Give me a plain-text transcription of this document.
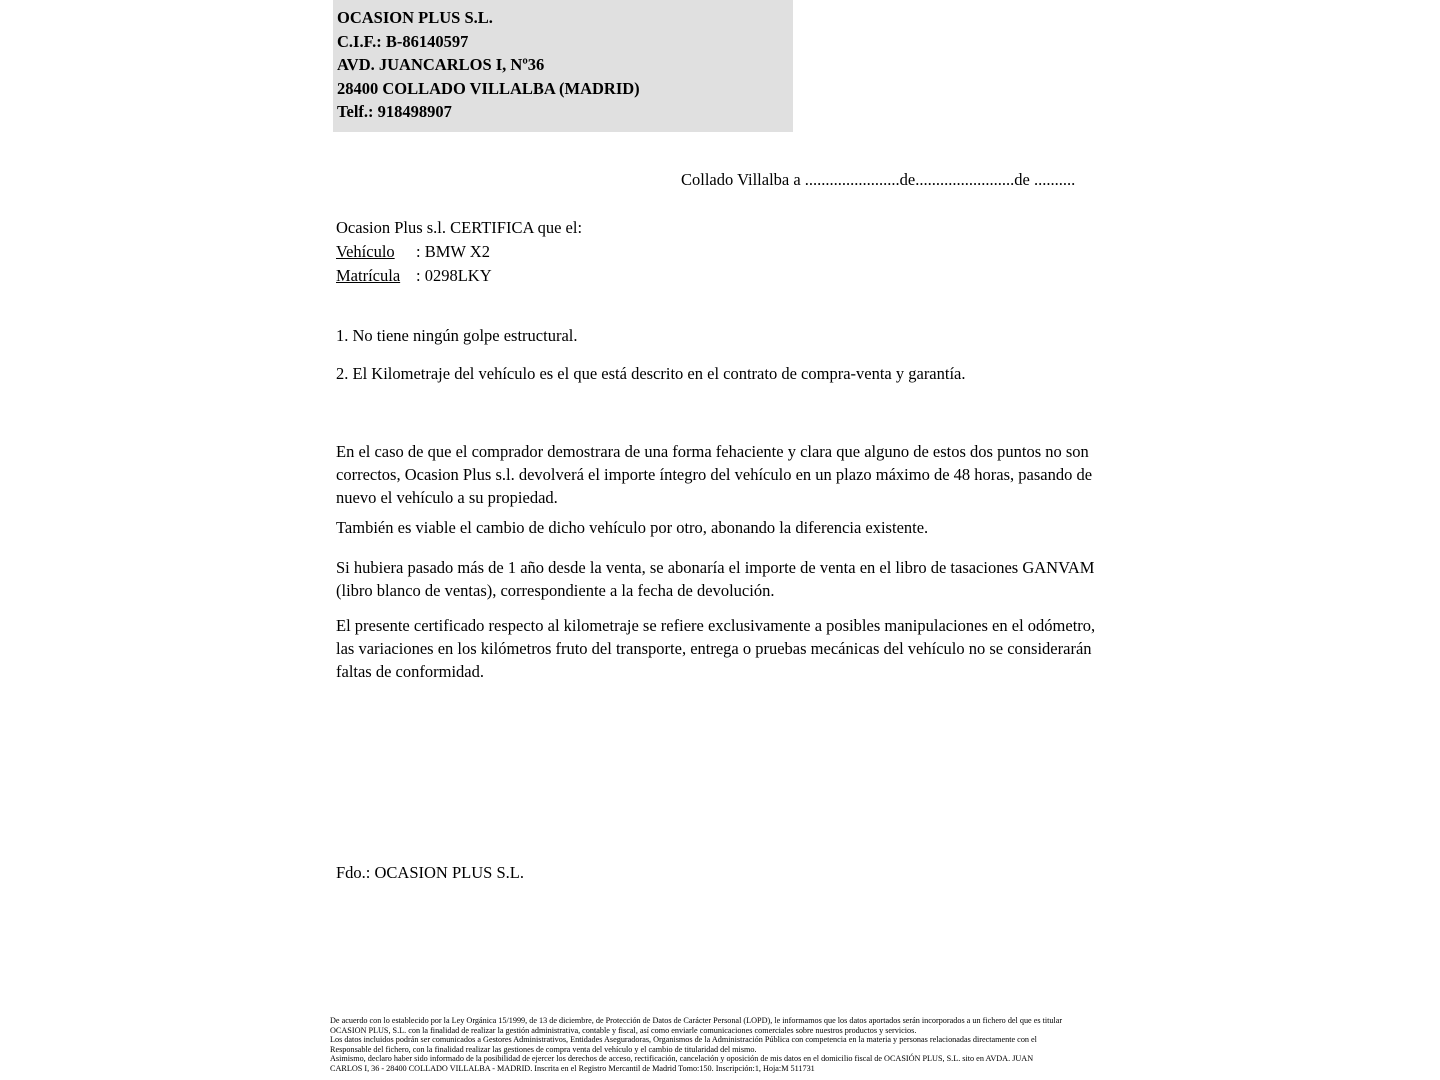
OCASION PLUS S.L.
C.I.F.: B-86140597
AVD. JUANCARLOS I, Nº36
28400 COLLADO VILLALBA (MADRID)
Telf.: 918498907
Collado Villalba a .......................de........................de ..........
Ocasion Plus s.l. CERTIFICA que el:
Vehículo : BMW X2
Matrícula : 0298LKY
1. No tiene ningún golpe estructural.
2. El Kilometraje del vehículo es el que está descrito en el contrato de compra-venta y garantía.
En el caso de que el comprador demostrara de una forma fehaciente y clara que alguno de estos dos puntos no son correctos, Ocasion Plus s.l. devolverá el importe íntegro del vehículo en un plazo máximo de 48 horas, pasando de nuevo el vehículo a su propiedad.
También es viable el cambio de dicho vehículo por otro, abonando la diferencia existente.
Si hubiera pasado más de 1 año desde la venta, se abonaría el importe de venta en el libro de tasaciones GANVAM (libro blanco de ventas), correspondiente a la fecha de devolución.
El presente certificado respecto al kilometraje se refiere exclusivamente a posibles manipulaciones en el odómetro, las variaciones en los kilómetros fruto del transporte, entrega o pruebas mecánicas del vehículo no se considerarán faltas de conformidad.
Fdo.: OCASION PLUS S.L.

De acuerdo con lo establecido por la Ley Orgánica 15/1999, de 13 de diciembre, de Protección de Datos de Carácter Personal (LOPD), le informamos que los datos aportados serán incorporados a un fichero del que es titular

OCASION PLUS, S.L. con la finalidad de realizar la gestión administrativa, contable y fiscal, así como enviarle comunicaciones comerciales sobre nuestros productos y servicios.

Los datos incluidos podrán ser comunicados a Gestores Administrativos, Entidades Aseguradoras, Organismos de la Administración Pública con competencia en la materia y personas relacionadas directamente con el

Responsable del fichero, con la finalidad realizar las gestiones de compra venta del vehículo y el cambio de titularidad del mismo.

Asimismo, declaro haber sido informado de la posibilidad de ejercer los derechos de acceso, rectificación, cancelación y oposición de mis datos en el domicilio fiscal de OCASIÓN PLUS, S.L. sito en AVDA. JUAN

CARLOS I, 36 - 28400 COLLADO VILLALBA - MADRID. Inscrita en el Registro Mercantil de Madrid Tomo:150. Inscripción:1, Hoja:M 511731
